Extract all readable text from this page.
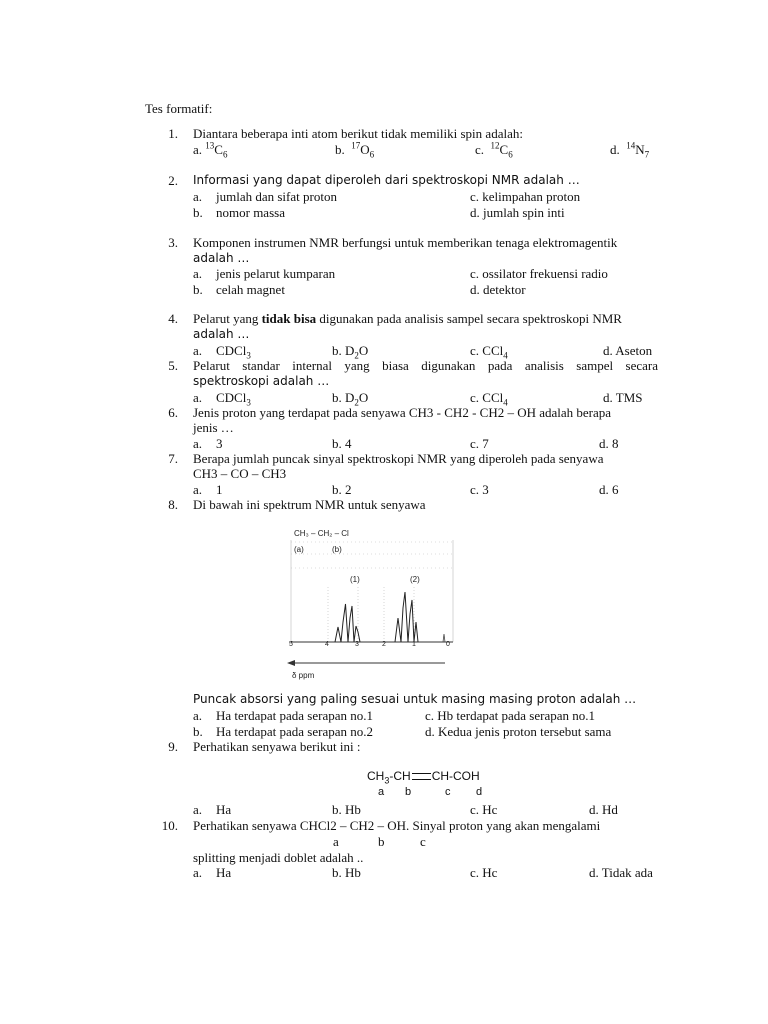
Tes formatif:
1. Diantara beberapa inti atom berikut tidak memiliki spin adalah:
a. $^{13}C_6$	b. $^{17}O_6$	c. $^{12}C_6$	d. $^{14}N_7$
2. Informasi yang dapat diperoleh dari spektroskopi NMR adalah …
a. jumlah dan sifat proton
b. nomor massa
c. kelimpahan proton
d. jumlah spin inti
3. Komponen instrumen NMR berfungsi untuk memberikan tenaga elektromagentik
adalah …
a. jenis pelarut kumparan
b. celah magnet
c. ossilator frekuensi radio
d. detektor
4. Pelarut yang tidak bisa digunakan pada analisis sampel secara spektroskopi NMR
adalah …
a. CDCl$_3$	b. $D_2O$	c. CCl$_4$	d. Aseton
5. Pelarut standar internal yang biasa digunakan pada analisis sampel secara
spektroskopi adalah …
a. CDCl$_3$	b. $D_2O$	c. CCl$_4$	d. TMS
6. Jenis proton yang terdapat pada senyawa CH3 - CH2 - CH2 – OH adalah berapa
jenis …
a. 3	b. 4	c. 7	d. 8
7. Berapa jumlah puncak sinyal spektroskopi NMR yang diperoleh pada senyawa
CH3 – CO – CH3
a. 1	b. 2	c. 3	d. 6
8. Di bawah ini spektrum NMR untuk senyawa
CH₃ – CH₂ – Cl
(a)	(b)
(1)	(2)
5	4	3	2	1	0
δ ppm
Puncak absorsi yang paling sesuai untuk masing masing proton adalah …
a. Ha terdapat pada serapan no.1
b. Ha terdapat pada serapan no.2
c. Hb terdapat pada serapan no.1
d. Kedua jenis proton tersebut sama
9. Perhatikan senyawa berikut ini :
$CH_3-CH$ CH-COH
a b	c d
a. Ha	b. Hb	c. Hc	d. Hd
10. Perhatikan senyawa CHCl2 – CH2 – OH. Sinyal proton yang akan mengalami
a	b	c
splitting menjadi doblet adalah ..
a. Ha	b. Hb	c. Hc	d. Tidak ada
